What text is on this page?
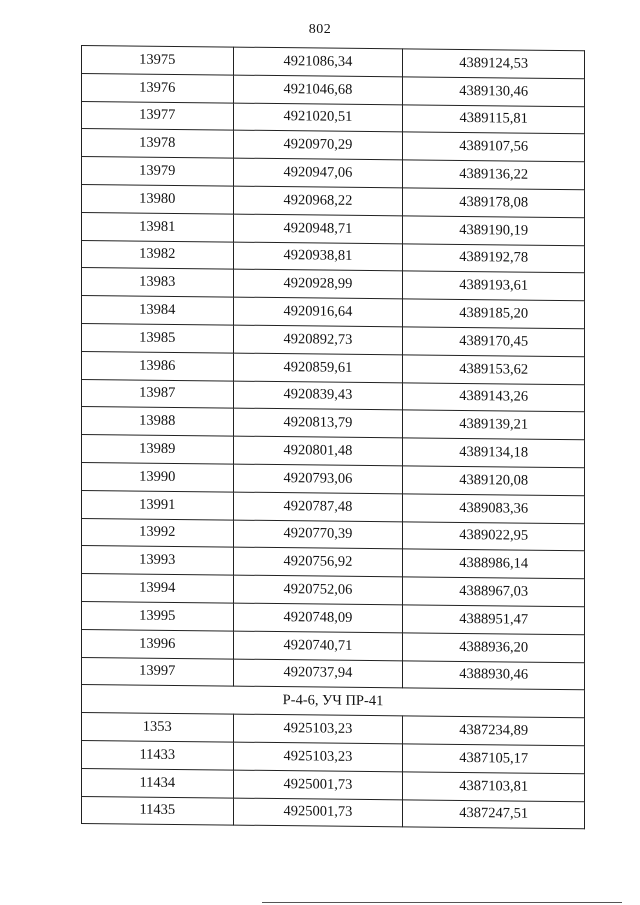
802
13975	4921086,34	4389124,53
13976	4921046,68	4389130,46
13977	4921020,51	4389115,81
13978	4920970,29	4389107,56
13979	4920947,06	4389136,22
13980	4920968,22	4389178,08
13981	4920948,71	4389190,19
13982	4920938,81	4389192,78
13983	4920928,99	4389193,61
13984	4920916,64	4389185,20
13985	4920892,73	4389170,45
13986	4920859,61	4389153,62
13987	4920839,43	4389143,26
13988	4920813,79	4389139,21
13989	4920801,48	4389134,18
13990	4920793,06	4389120,08
13991	4920787,48	4389083,36
13992	4920770,39	4389022,95
13993	4920756,92	4388986,14
13994	4920752,06	4388967,03
13995	4920748,09	4388951,47
13996	4920740,71	4388936,20
13997	4920737,94	4388930,46
Р-4-6, УЧ ПР-41		
1353	4925103,23	4387234,89
11433	4925103,23	4387105,17
11434	4925001,73	4387103,81
11435	4925001,73	4387247,51
